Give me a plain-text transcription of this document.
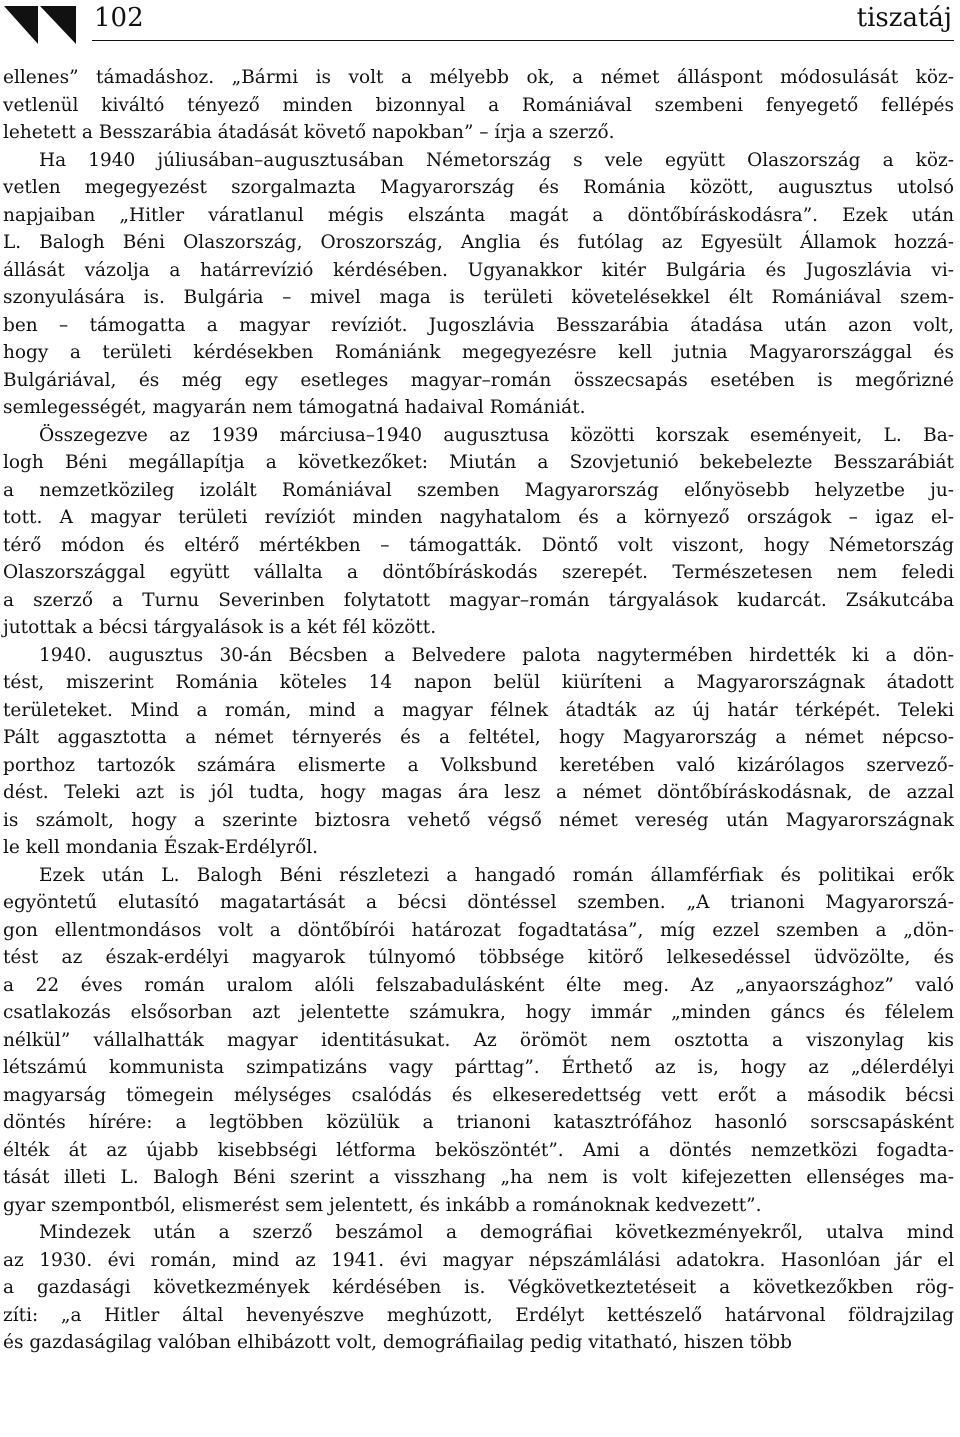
102	tiszatáj
ellenes” támadáshoz. „Bármi is volt a mélyebb ok, a német álláspont módosulását köz-
vetlenül kiváltó tényező minden bizonnyal a Romániával szembeni fenyegető fellépés
lehetett a Besszarábia átadását követő napokban” – írja a szerző.
Ha 1940 júliusában–augusztusában Németország s vele együtt Olaszország a köz-
vetlen megegyezést szorgalmazta Magyarország és Románia között, augusztus utolsó
napjaiban „Hitler váratlanul mégis elszánta magát a döntőbíráskodásra”. Ezek után
L. Balogh Béni Olaszország, Oroszország, Anglia és futólag az Egyesült Államok hozzá-
állását vázolja a határrevízió kérdésében. Ugyanakkor kitér Bulgária és Jugoszlávia vi-
szonyulására is. Bulgária – mivel maga is területi követelésekkel élt Romániával szem-
ben – támogatta a magyar revíziót. Jugoszlávia Besszarábia átadása után azon volt,
hogy a területi kérdésekben Romániánk megegyezésre kell jutnia Magyarországgal és
Bulgáriával, és még egy esetleges magyar–román összecsapás esetében is megőrizné
semlegességét, magyarán nem támogatná hadaival Romániát.
Összegezve az 1939 márciusa–1940 augusztusa közötti korszak eseményeit, L. Ba-
logh Béni megállapítja a következőket: Miután a Szovjetunió bekebelezte Besszarábiát
a nemzetközileg izolált Romániával szemben Magyarország előnyösebb helyzetbe ju-
tott. A magyar területi revíziót minden nagyhatalom és a környező országok – igaz el-
térő módon és eltérő mértékben – támogatták. Döntő volt viszont, hogy Németország
Olaszországgal együtt vállalta a döntőbíráskodás szerepét. Természetesen nem feledi
a szerző a Turnu Severinben folytatott magyar–román tárgyalások kudarcát. Zsákutcába
jutottak a bécsi tárgyalások is a két fél között.
1940. augusztus 30-án Bécsben a Belvedere palota nagytermében hirdették ki a dön-
tést, miszerint Románia köteles 14 napon belül kiüríteni a Magyarországnak átadott
területeket. Mind a román, mind a magyar félnek átadták az új határ térképét. Teleki
Pált aggasztotta a német térnyerés és a feltétel, hogy Magyarország a német népcso-
porthoz tartozók számára elismerte a Volksbund keretében való kizárólagos szervező-
dést. Teleki azt is jól tudta, hogy magas ára lesz a német döntőbíráskodásnak, de azzal
is számolt, hogy a szerinte biztosra vehető végső német vereség után Magyarországnak
le kell mondania Észak-Erdélyről.
Ezek után L. Balogh Béni részletezi a hangadó román államférfiak és politikai erők
egyöntetű elutasító magatartását a bécsi döntéssel szemben. „A trianoni Magyarorszá-
gon ellentmondásos volt a döntőbírói határozat fogadtatása”, míg ezzel szemben a „dön-
tést az észak-erdélyi magyarok túlnyomó többsége kitörő lelkesedéssel üdvözölte, és
a 22 éves román uralom alóli felszabadulásként élte meg. Az „anyaországhoz” való
csatlakozás elsősorban azt jelentette számukra, hogy immár „minden gáncs és félelem
nélkül” vállalhatták magyar identitásukat. Az örömöt nem osztotta a viszonylag kis
létszámú kommunista szimpatizáns vagy párttag”. Érthető az is, hogy az „délerdélyi
magyarság tömegein mélységes csalódás és elkeseredettség vett erőt a második bécsi
döntés hírére: a legtöbben közülük a trianoni katasztrófához hasonló sorscsapásként
élték át az újabb kisebbségi létforma beköszöntét”. Ami a döntés nemzetközi fogadta-
tását illeti L. Balogh Béni szerint a visszhang „ha nem is volt kifejezetten ellenséges ma-
gyar szempontból, elismerést sem jelentett, és inkább a románoknak kedvezett”.
Mindezek után a szerző beszámol a demográfiai következményekről, utalva mind
az 1930. évi román, mind az 1941. évi magyar népszámlálási adatokra. Hasonlóan jár el
a gazdasági következmények kérdésében is. Végkövetkeztetéseit a következőkben rög-
zíti: „a Hitler által hevenyészve meghúzott, Erdélyt kettészelő határvonal földrajzilag
és gazdaságilag valóban elhibázott volt, demográfiailag pedig vitatható, hiszen több
